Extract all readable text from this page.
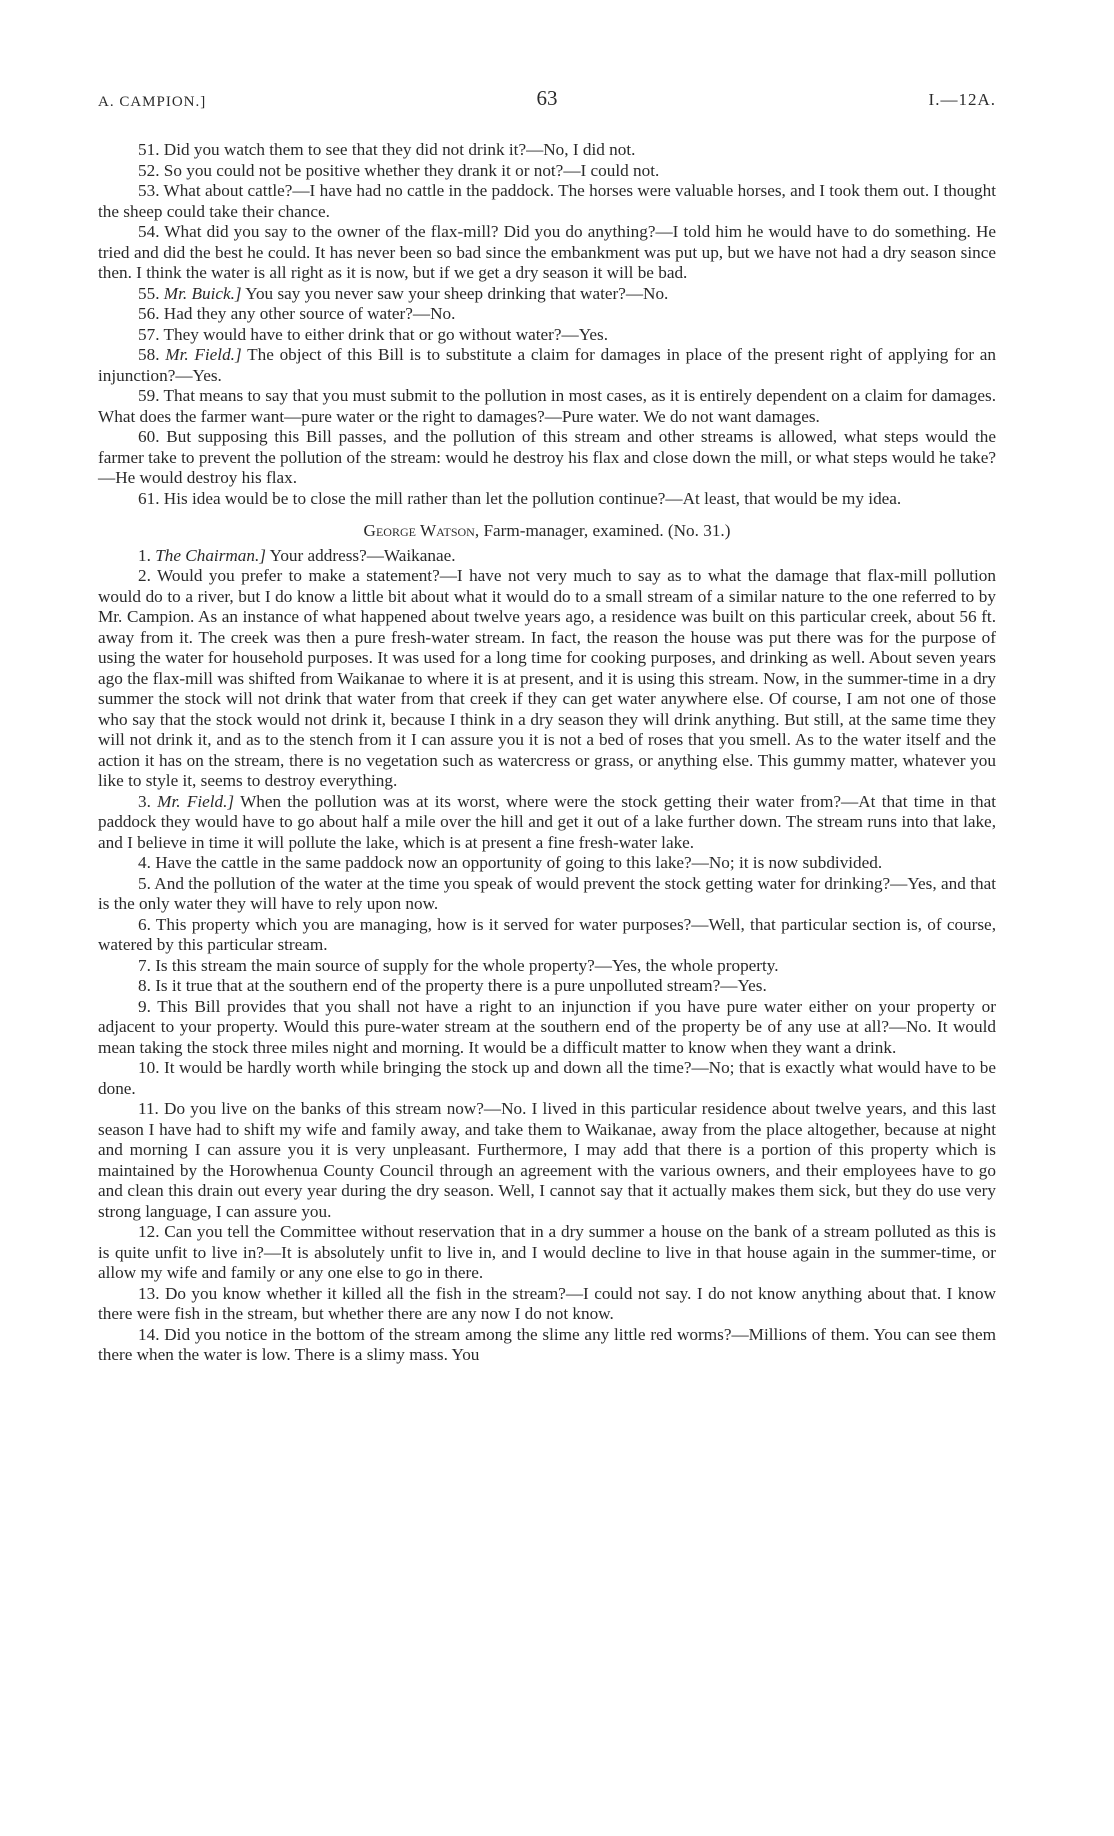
A. CAMPION.]	63	I.—12A.

51. Did you watch them to see that they did not drink it?—No, I did not.

52. So you could not be positive whether they drank it or not?—I could not.

53. What about cattle?—I have had no cattle in the paddock. The horses were valuable horses, and I took them out. I thought the sheep could take their chance.

54. What did you say to the owner of the flax-mill? Did you do anything?—I told him he would have to do something. He tried and did the best he could. It has never been so bad since the embankment was put up, but we have not had a dry season since then. I think the water is all right as it is now, but if we get a dry season it will be bad.

55. Mr. Buick.] You say you never saw your sheep drinking that water?—No.

56. Had they any other source of water?—No.

57. They would have to either drink that or go without water?—Yes.

58. Mr. Field.] The object of this Bill is to substitute a claim for damages in place of the present right of applying for an injunction?—Yes.

59. That means to say that you must submit to the pollution in most cases, as it is entirely dependent on a claim for damages. What does the farmer want—pure water or the right to damages?—Pure water. We do not want damages.

60. But supposing this Bill passes, and the pollution of this stream and other streams is allowed, what steps would the farmer take to prevent the pollution of the stream: would he destroy his flax and close down the mill, or what steps would he take?—He would destroy his flax.

61. His idea would be to close the mill rather than let the pollution continue?—At least, that would be my idea.

George Watson, Farm-manager, examined. (No. 31.)

1. The Chairman.] Your address?—Waikanae.

2. Would you prefer to make a statement?—I have not very much to say as to what the damage that flax-mill pollution would do to a river, but I do know a little bit about what it would do to a small stream of a similar nature to the one referred to by Mr. Campion. As an instance of what happened about twelve years ago, a residence was built on this particular creek, about 56 ft. away from it. The creek was then a pure fresh-water stream. In fact, the reason the house was put there was for the purpose of using the water for household purposes. It was used for a long time for cooking purposes, and drinking as well. About seven years ago the flax-mill was shifted from Waikanae to where it is at present, and it is using this stream. Now, in the summer-time in a dry summer the stock will not drink that water from that creek if they can get water anywhere else. Of course, I am not one of those who say that the stock would not drink it, because I think in a dry season they will drink anything. But still, at the same time they will not drink it, and as to the stench from it I can assure you it is not a bed of roses that you smell. As to the water itself and the action it has on the stream, there is no vegetation such as watercress or grass, or anything else. This gummy matter, whatever you like to style it, seems to destroy everything.

3. Mr. Field.] When the pollution was at its worst, where were the stock getting their water from?—At that time in that paddock they would have to go about half a mile over the hill and get it out of a lake further down. The stream runs into that lake, and I believe in time it will pollute the lake, which is at present a fine fresh-water lake.

4. Have the cattle in the same paddock now an opportunity of going to this lake?—No; it is now subdivided.

5. And the pollution of the water at the time you speak of would prevent the stock getting water for drinking?—Yes, and that is the only water they will have to rely upon now.

6. This property which you are managing, how is it served for water purposes?—Well, that particular section is, of course, watered by this particular stream.

7. Is this stream the main source of supply for the whole property?—Yes, the whole property.

8. Is it true that at the southern end of the property there is a pure unpolluted stream?—Yes.

9. This Bill provides that you shall not have a right to an injunction if you have pure water either on your property or adjacent to your property. Would this pure-water stream at the southern end of the property be of any use at all?—No. It would mean taking the stock three miles night and morning. It would be a difficult matter to know when they want a drink.

10. It would be hardly worth while bringing the stock up and down all the time?—No; that is exactly what would have to be done.

11. Do you live on the banks of this stream now?—No. I lived in this particular residence about twelve years, and this last season I have had to shift my wife and family away, and take them to Waikanae, away from the place altogether, because at night and morning I can assure you it is very unpleasant. Furthermore, I may add that there is a portion of this property which is maintained by the Horowhenua County Council through an agreement with the various owners, and their employees have to go and clean this drain out every year during the dry season. Well, I cannot say that it actually makes them sick, but they do use very strong language, I can assure you.

12. Can you tell the Committee without reservation that in a dry summer a house on the bank of a stream polluted as this is is quite unfit to live in?—It is absolutely unfit to live in, and I would decline to live in that house again in the summer-time, or allow my wife and family or any one else to go in there.

13. Do you know whether it killed all the fish in the stream?—I could not say. I do not know anything about that. I know there were fish in the stream, but whether there are any now I do not know.

14. Did you notice in the bottom of the stream among the slime any little red worms?—Millions of them. You can see them there when the water is low. There is a slimy mass. You
